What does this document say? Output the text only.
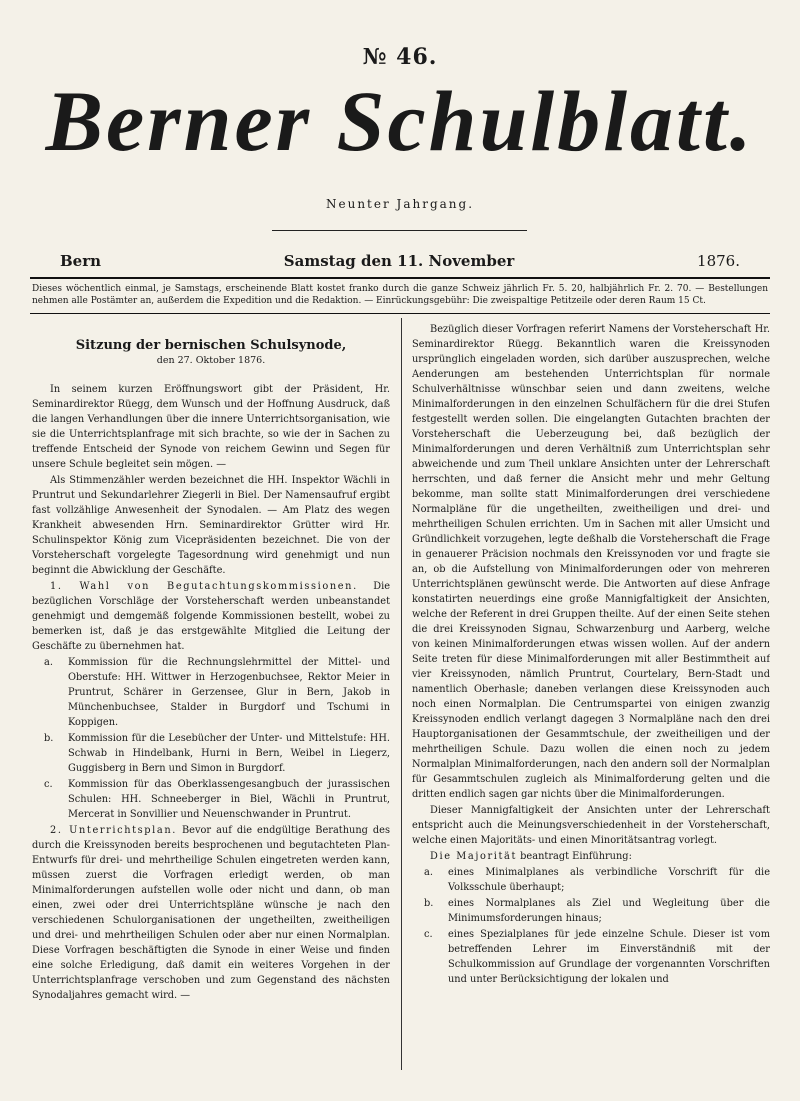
№ 46.
Berner Schulblatt.
Neunter Jahrgang.
Bern	Samstag den 11. November	1876.
Dieses wöchentlich einmal, je Samstags, erscheinende Blatt kostet franko durch die ganze Schweiz jährlich Fr. 5. 20, halbjährlich Fr. 2. 70. — Bestellungen nehmen alle Postämter an, außerdem die Expedition und die Redaktion. — Einrückungsgebühr: Die zweispaltige Petitzeile oder deren Raum 15 Ct.

Sitzung der bernischen Schulsynode,

den 27. Oktober 1876.

In seinem kurzen Eröffnungswort gibt der Präsident, Hr. Seminardirektor Rüegg, dem Wunsch und der Hoffnung Ausdruck, daß die langen Verhandlungen über die innere Unterrichtsorganisation, wie sie die Unterrichtsplanfrage mit sich brachte, so wie der in Sachen zu treffende Entscheid der Synode von reichem Gewinn und Segen für unsere Schule begleitet sein mögen. —

Als Stimmenzähler werden bezeichnet die HH. Inspektor Wächli in Pruntrut und Sekundarlehrer Ziegerli in Biel. Der Namensaufruf ergibt fast vollzählige Anwesenheit der Synodalen. — Am Platz des wegen Krankheit abwesenden Hrn. Seminardirektor Grütter wird Hr. Schulinspektor König zum Vicepräsidenten bezeichnet. Die von der Vorsteherschaft vorgelegte Tagesordnung wird genehmigt und nun beginnt die Abwicklung der Geschäfte.

1. Wahl von Begutachtungskommissionen. Die bezüglichen Vorschläge der Vorsteherschaft werden unbeanstandet genehmigt und demgemäß folgende Kommissionen bestellt, wobei zu bemerken ist, daß je das erstgewählte Mitglied die Leitung der Geschäfte zu übernehmen hat.

a.	Kommission für die Rechnungslehrmittel der Mittel- und Oberstufe: HH. Wittwer in Herzogenbuchsee, Rektor Meier in Pruntrut, Schärer in Gerzensee, Glur in Bern, Jakob in Münchenbuchsee, Stalder in Burgdorf und Tschumi in Koppigen.
b.	Kommission für die Lesebücher der Unter- und Mittelstufe: HH. Schwab in Hindelbank, Hurni in Bern, Weibel in Liegerz, Guggisberg in Bern und Simon in Burgdorf.
c.	Kommission für das Oberklassengesangbuch der jurassischen Schulen: HH. Schneeberger in Biel, Wächli in Pruntrut, Mercerat in Sonvillier und Neuenschwander in Pruntrut.

2. Unterrichtsplan. Bevor auf die endgültige Berathung des durch die Kreissynoden bereits besprochenen und begutachteten Plan-Entwurfs für drei- und mehrtheilige Schulen eingetreten werden kann, müssen zuerst die Vorfragen erledigt werden, ob man Minimalforderungen aufstellen wolle oder nicht und dann, ob man einen, zwei oder drei Unterrichtspläne wünsche je nach den verschiedenen Schulorganisationen der ungetheilten, zweitheiligen und drei- und mehrtheiligen Schulen oder aber nur einen Normalplan. Diese Vorfragen beschäftigten die Synode in einer Weise und finden eine solche Erledigung, daß damit ein weiteres Vorgehen in der Unterrichtsplanfrage verschoben und zum Gegenstand des nächsten Synodaljahres gemacht wird. —

Bezüglich dieser Vorfragen referirt Namens der Vorsteherschaft Hr. Seminardirektor Rüegg. Bekanntlich waren die Kreissynoden ursprünglich eingeladen worden, sich darüber auszusprechen, welche Aenderungen am bestehenden Unterrichtsplan für normale Schulverhältnisse wünschbar seien und dann zweitens, welche Minimalforderungen in den einzelnen Schulfächern für die drei Stufen festgestellt werden sollen. Die eingelangten Gutachten brachten der Vorsteherschaft die Ueberzeugung bei, daß bezüglich der Minimalforderungen und deren Verhältniß zum Unterrichtsplan sehr abweichende und zum Theil unklare Ansichten unter der Lehrerschaft herrschten, und daß ferner die Ansicht mehr und mehr Geltung bekomme, man sollte statt Minimalforderungen drei verschiedene Normalpläne für die ungetheilten, zweitheiligen und drei- und mehrtheiligen Schulen errichten. Um in Sachen mit aller Umsicht und Gründlichkeit vorzugehen, legte deßhalb die Vorsteherschaft die Frage in genauerer Präcision nochmals den Kreissynoden vor und fragte sie an, ob die Aufstellung von Minimalforderungen oder von mehreren Unterrichtsplänen gewünscht werde. Die Antworten auf diese Anfrage konstatirten neuerdings eine große Mannigfaltigkeit der Ansichten, welche der Referent in drei Gruppen theilte. Auf der einen Seite stehen die drei Kreissynoden Signau, Schwarzenburg und Aarberg, welche von keinen Minimalforderungen etwas wissen wollen. Auf der andern Seite treten für diese Minimalforderungen mit aller Bestimmtheit auf vier Kreissynoden, nämlich Pruntrut, Courtelary, Bern-Stadt und namentlich Oberhasle; daneben verlangen diese Kreissynoden auch noch einen Normalplan. Die Centrumspartei von einigen zwanzig Kreissynoden endlich verlangt dagegen 3 Normalpläne nach den drei Hauptorganisationen der Gesammtschule, der zweitheiligen und der mehrtheiligen Schule. Dazu wollen die einen noch zu jedem Normalplan Minimalforderungen, nach den andern soll der Normalplan für Gesammtschulen zugleich als Minimalforderung gelten und die dritten endlich sagen gar nichts über die Minimalforderungen.

Dieser Mannigfaltigkeit der Ansichten unter der Lehrerschaft entspricht auch die Meinungsverschiedenheit in der Vorsteherschaft, welche einen Majoritäts- und einen Minoritätsantrag vorlegt.

Die Majorität beantragt Einführung:

a.	eines Minimalplanes als verbindliche Vorschrift für die Volksschule überhaupt;
b.	eines Normalplanes als Ziel und Wegleitung über die Minimumsforderungen hinaus;
c.	eines Spezialplanes für jede einzelne Schule. Dieser ist vom betreffenden Lehrer im Einverständniß mit der Schulkommission auf Grundlage der vorgenannten Vorschriften und unter Berücksichtigung der lokalen und
